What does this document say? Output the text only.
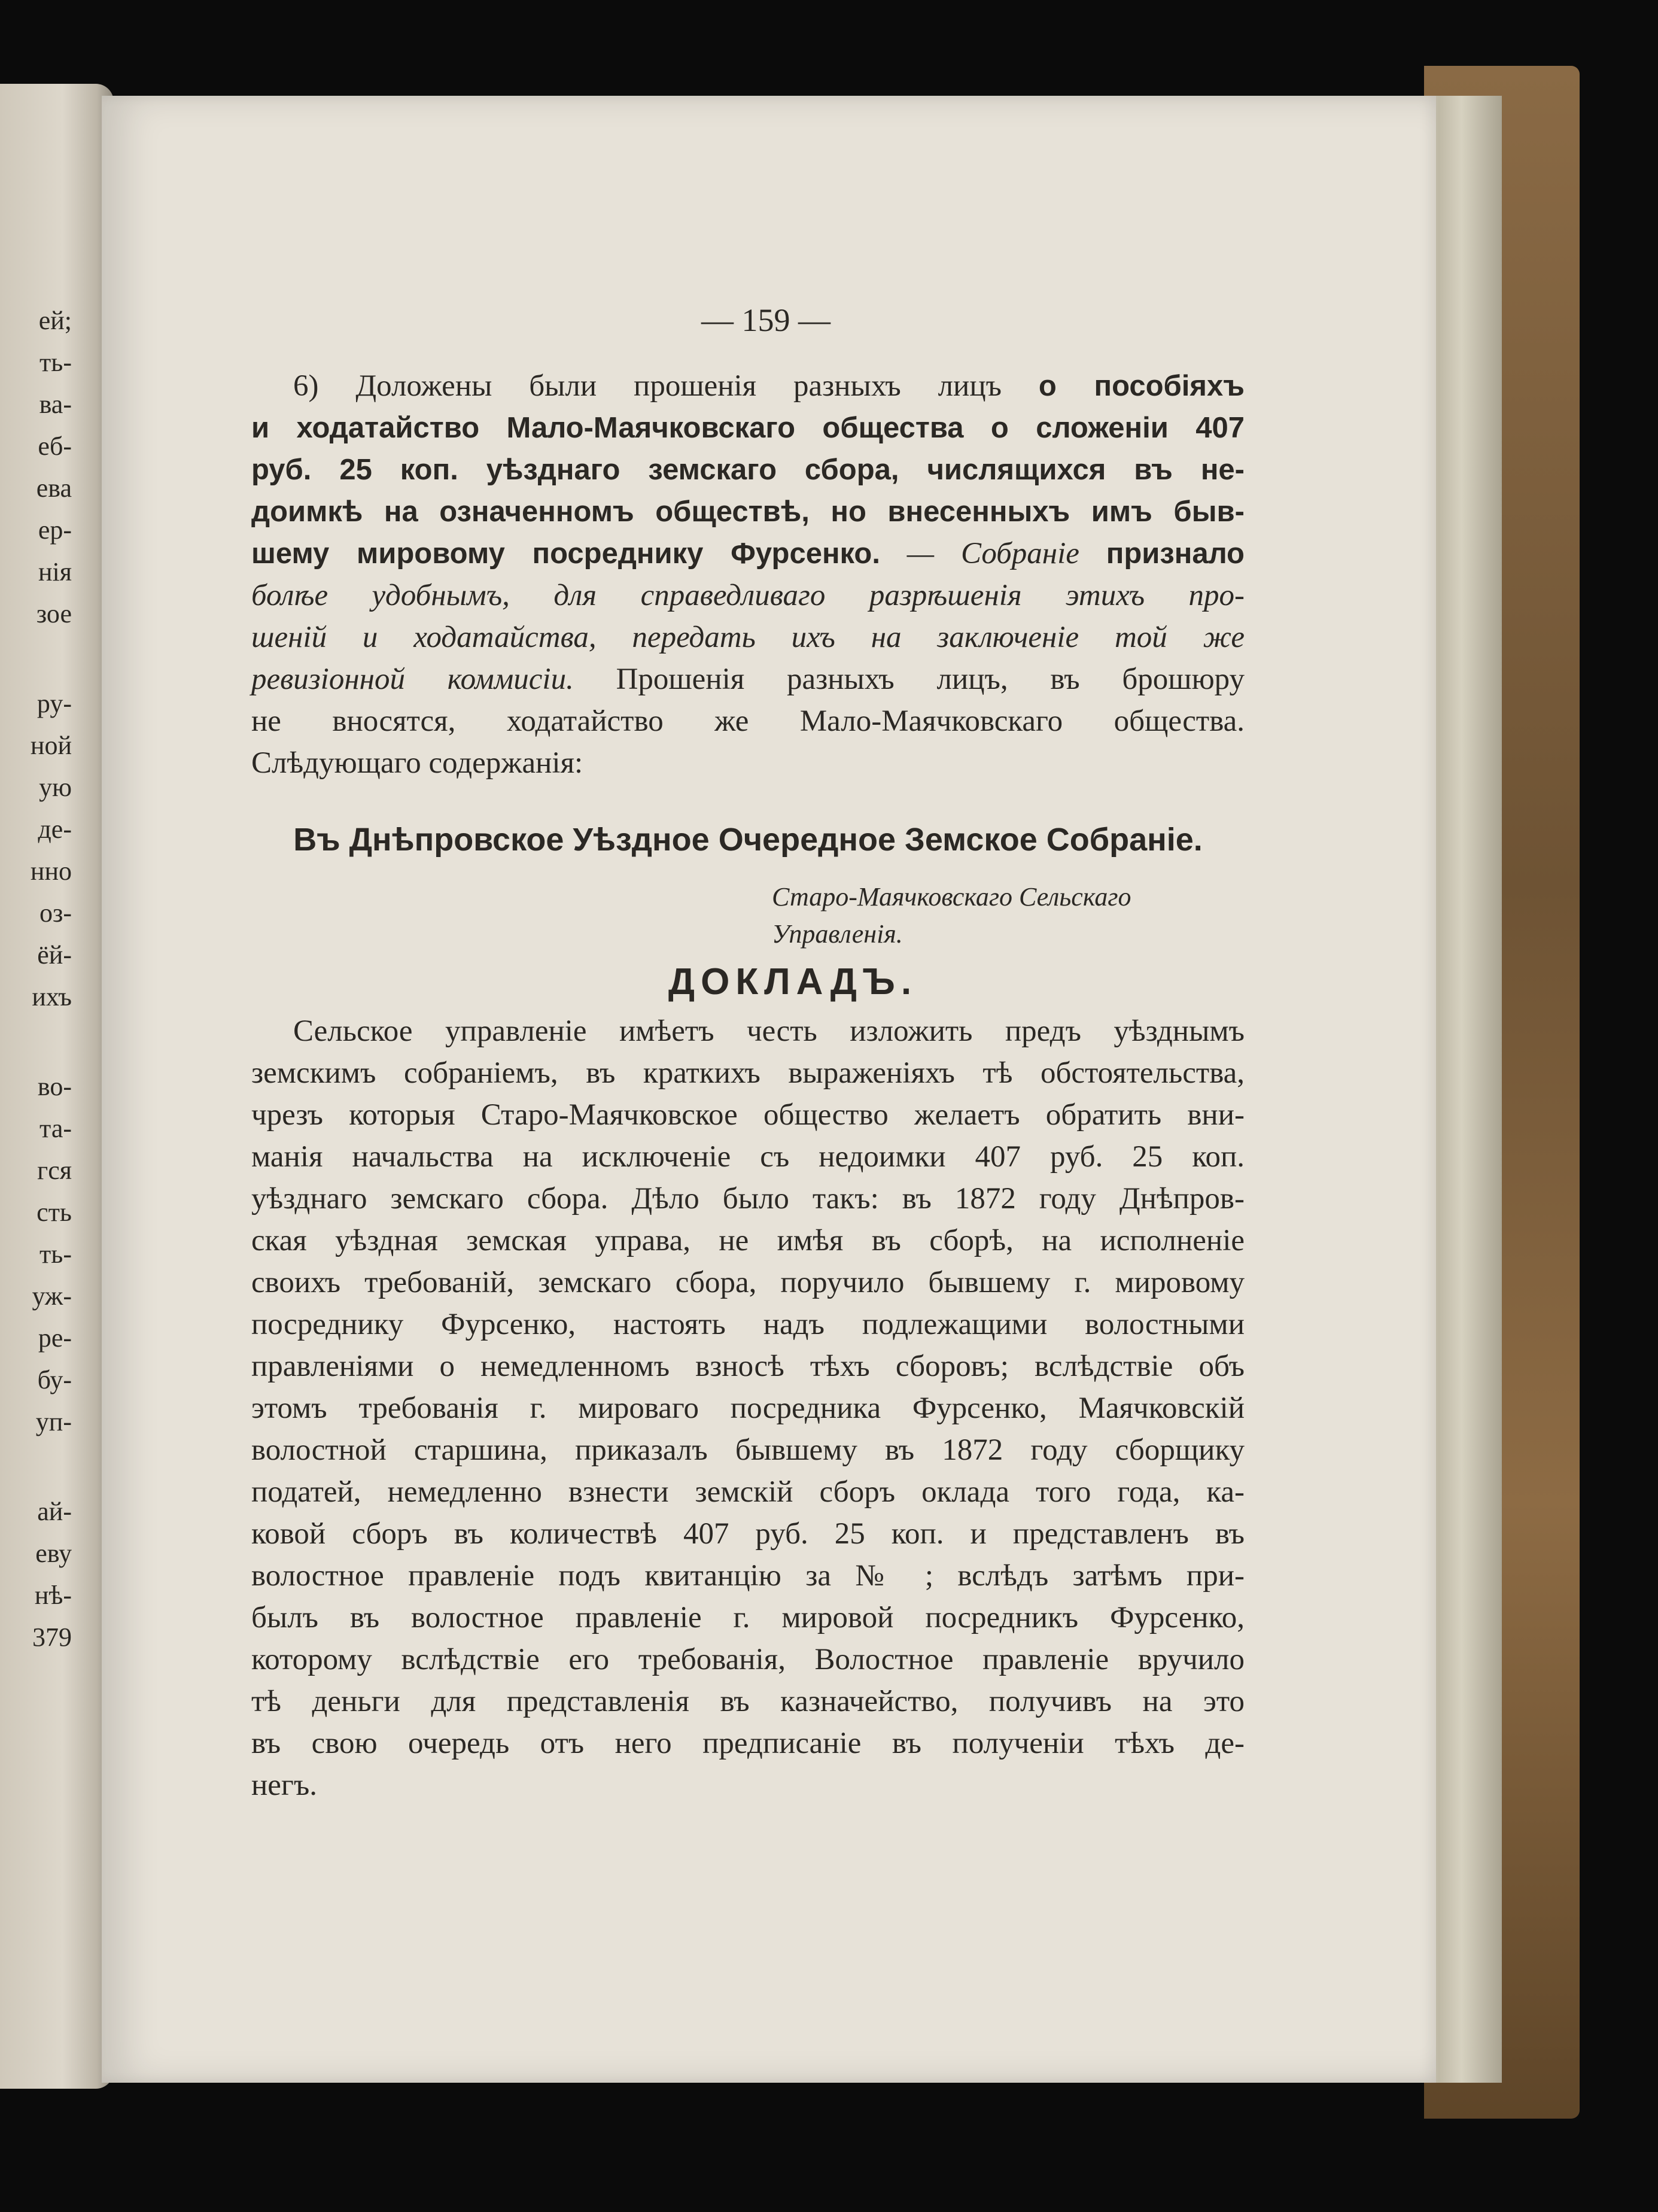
ей;
ть-
ва-
еб-
ева
ер-
нія
зое
ру-
ной
ую
де-
нно
оз-
ёй-
ихъ
во-
та-
гся
сть
ть-
уж-
ре-
бу-
уп-
ай-
еву
нѣ-
379
— 159 —
6) Доложены были прошенія разныхъ лицъ о пособіяхъ
и ходатайство Мало-Маячковскаго общества о сложеніи 407
руб. 25 коп. уѣзднаго земскаго сбора, числящихся въ не-
доимкѣ на означенномъ обществѣ, но внесенныхъ имъ быв-
шему мировому посреднику Фурсенко. — Собраніе признало
болѣе удобнымъ, для справедливаго разрѣшенія этихъ про-
шеній и ходатайства, передать ихъ на заключеніе той же
ревизіонной коммисіи. Прошенія разныхъ лицъ, въ брошюру
не вносятся, ходатайство же Мало-Маячковскаго общества.
Слѣдующаго содержанія:
Въ Днѣпровское Уѣздное Очередное Земское Собраніе.
Старо-Маячковскаго Сельскаго
Управленія.
ДОКЛАДЪ.
Сельское управленіе имѣетъ честь изложить предъ уѣзднымъ
земскимъ собраніемъ, въ краткихъ выраженіяхъ тѣ обстоятельства,
чрезъ которыя Старо-Маячковское общество желаетъ обратить вни-
манія начальства на исключеніе съ недоимки 407 руб. 25 коп.
уѣзднаго земскаго сбора. Дѣло было такъ: въ 1872 году Днѣпров-
ская уѣздная земская управа, не имѣя въ сборѣ, на исполненіе
своихъ требованій, земскаго сбора, поручило бывшему г. мировому
посреднику Фурсенко, настоять надъ подлежащими волостными
правленіями о немедленномъ взносѣ тѣхъ сборовъ; вслѣдствіе объ
этомъ требованія г. мироваго посредника Фурсенко, Маячковскій
волостной старшина, приказалъ бывшему въ 1872 году сборщику
податей, немедленно взнести земскій сборъ оклада того года, ка-
ковой сборъ въ количествѣ 407 руб. 25 коп. и представленъ въ
волостное правленіе подъ квитанцію за № ; вслѣдъ затѣмъ при-
былъ въ волостное правленіе г. мировой посредникъ Фурсенко,
которому вслѣдствіе его требованія, Волостное правленіе вручило
тѣ деньги для представленія въ казначейство, получивъ на это
въ свою очередь отъ него предписаніе въ полученіи тѣхъ де-
негъ.
